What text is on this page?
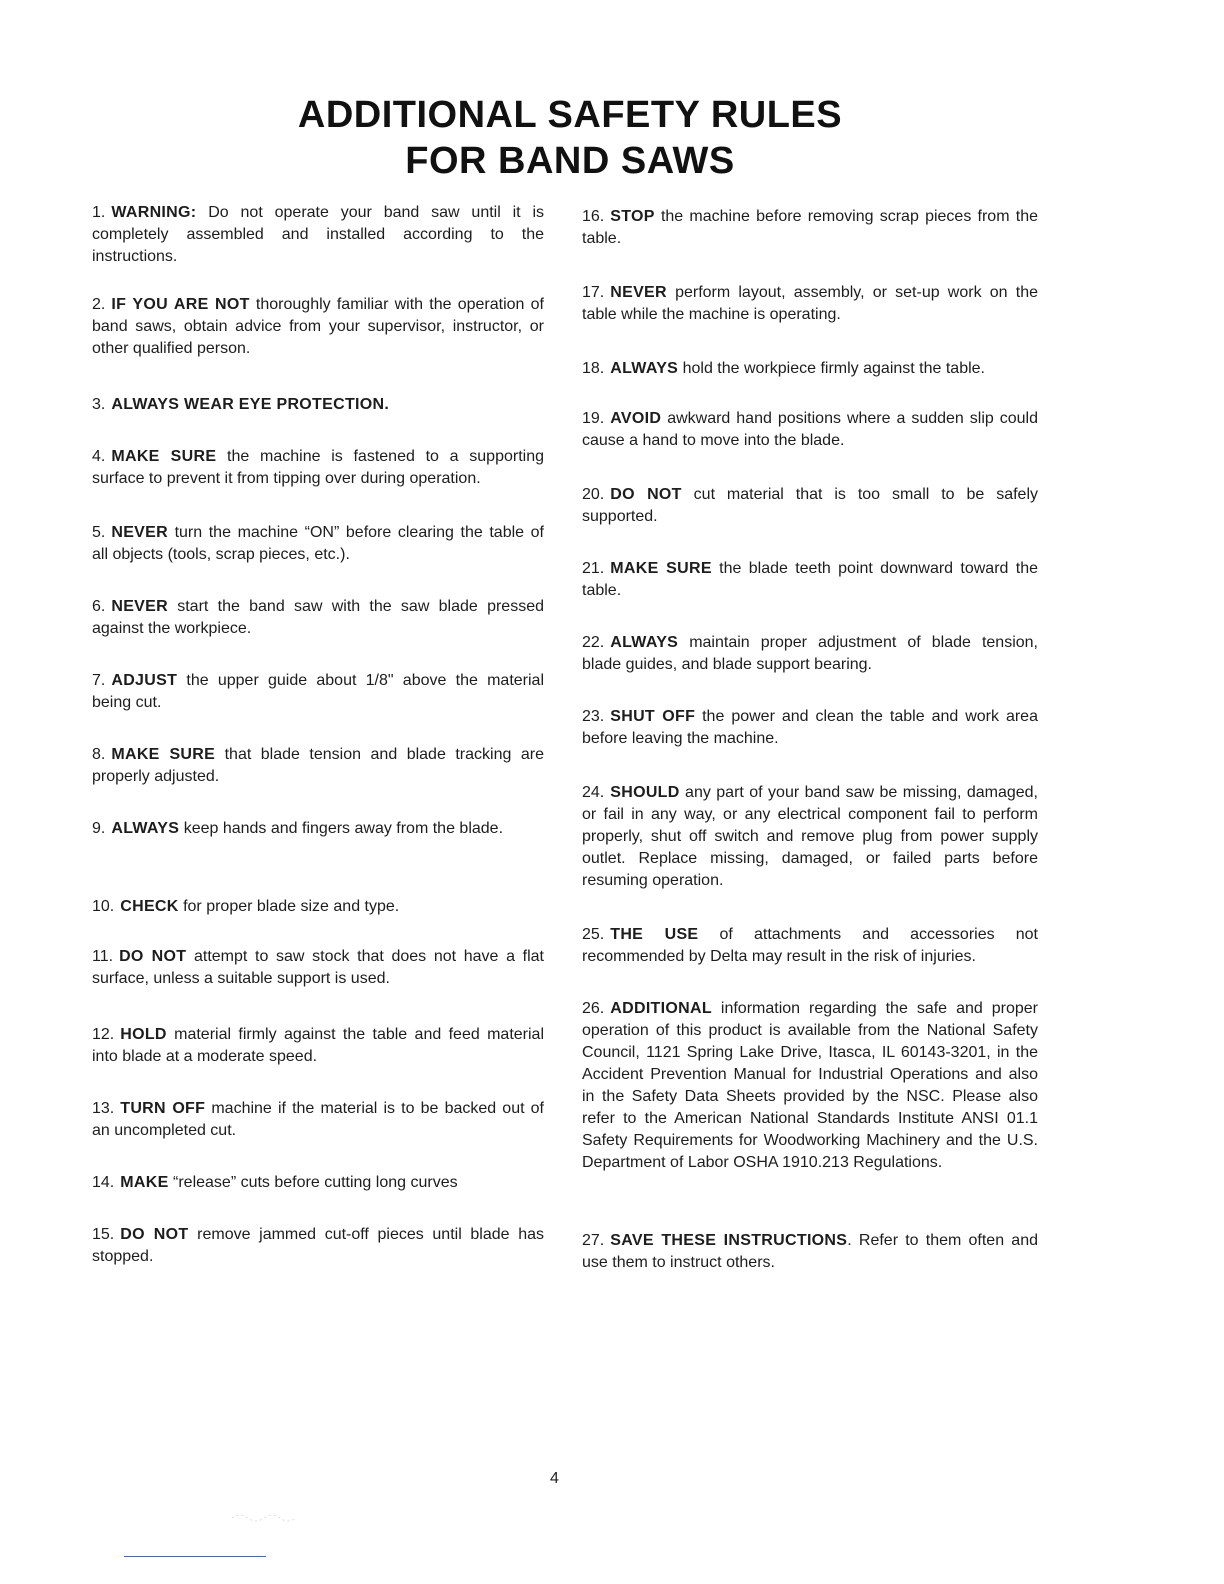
ADDITIONAL SAFETY RULES
FOR BAND SAWS
1. WARNING: Do not operate your band saw until it is completely assembled and installed according to the instructions.
2. IF YOU ARE NOT thoroughly familiar with the operation of band saws, obtain advice from your supervisor, instructor, or other qualified person.
3. ALWAYS WEAR EYE PROTECTION.
4. MAKE SURE the machine is fastened to a supporting surface to prevent it from tipping over during operation.
5. NEVER turn the machine “ON” before clearing the table of all objects (tools, scrap pieces, etc.).
6. NEVER start the band saw with the saw blade pressed against the workpiece.
7. ADJUST the upper guide about 1/8" above the material being cut.
8. MAKE SURE that blade tension and blade tracking are properly adjusted.
9. ALWAYS keep hands and fingers away from the blade.
10. CHECK for proper blade size and type.
11. DO NOT attempt to saw stock that does not have a flat surface, unless a suitable support is used.
12. HOLD material firmly against the table and feed material into blade at a moderate speed.
13. TURN OFF machine if the material is to be backed out of an uncompleted cut.
14. MAKE “release” cuts before cutting long curves
15. DO NOT remove jammed cut-off pieces until blade has stopped.
16. STOP the machine before removing scrap pieces from the table.
17. NEVER perform layout, assembly, or set-up work on the table while the machine is operating.
18. ALWAYS hold the workpiece firmly against the table.
19. AVOID awkward hand positions where a sudden slip could cause a hand to move into the blade.
20. DO NOT cut material that is too small to be safely supported.
21. MAKE SURE the blade teeth point downward toward the table.
22. ALWAYS maintain proper adjustment of blade tension, blade guides, and blade support bearing.
23. SHUT OFF the power and clean the table and work area before leaving the machine.
24. SHOULD any part of your band saw be missing, damaged, or fail in any way, or any electrical component fail to perform properly, shut off switch and remove plug from power supply outlet. Replace missing, damaged, or failed parts before resuming operation.
25. THE USE of attachments and accessories not recommended by Delta may result in the risk of injuries.
26. ADDITIONAL information regarding the safe and proper operation of this product is available from the National Safety Council, 1121 Spring Lake Drive, Itasca, IL 60143-3201, in the Accident Prevention Manual for Industrial Operations and also in the Safety Data Sheets provided by the NSC. Please also refer to the American National Standards Institute ANSI 01.1 Safety Requirements for Woodworking Machinery and the U.S. Department of Labor OSHA 1910.213 Regulations.
27. SAVE THESE INSTRUCTIONS. Refer to them often and use them to instruct others.
4
